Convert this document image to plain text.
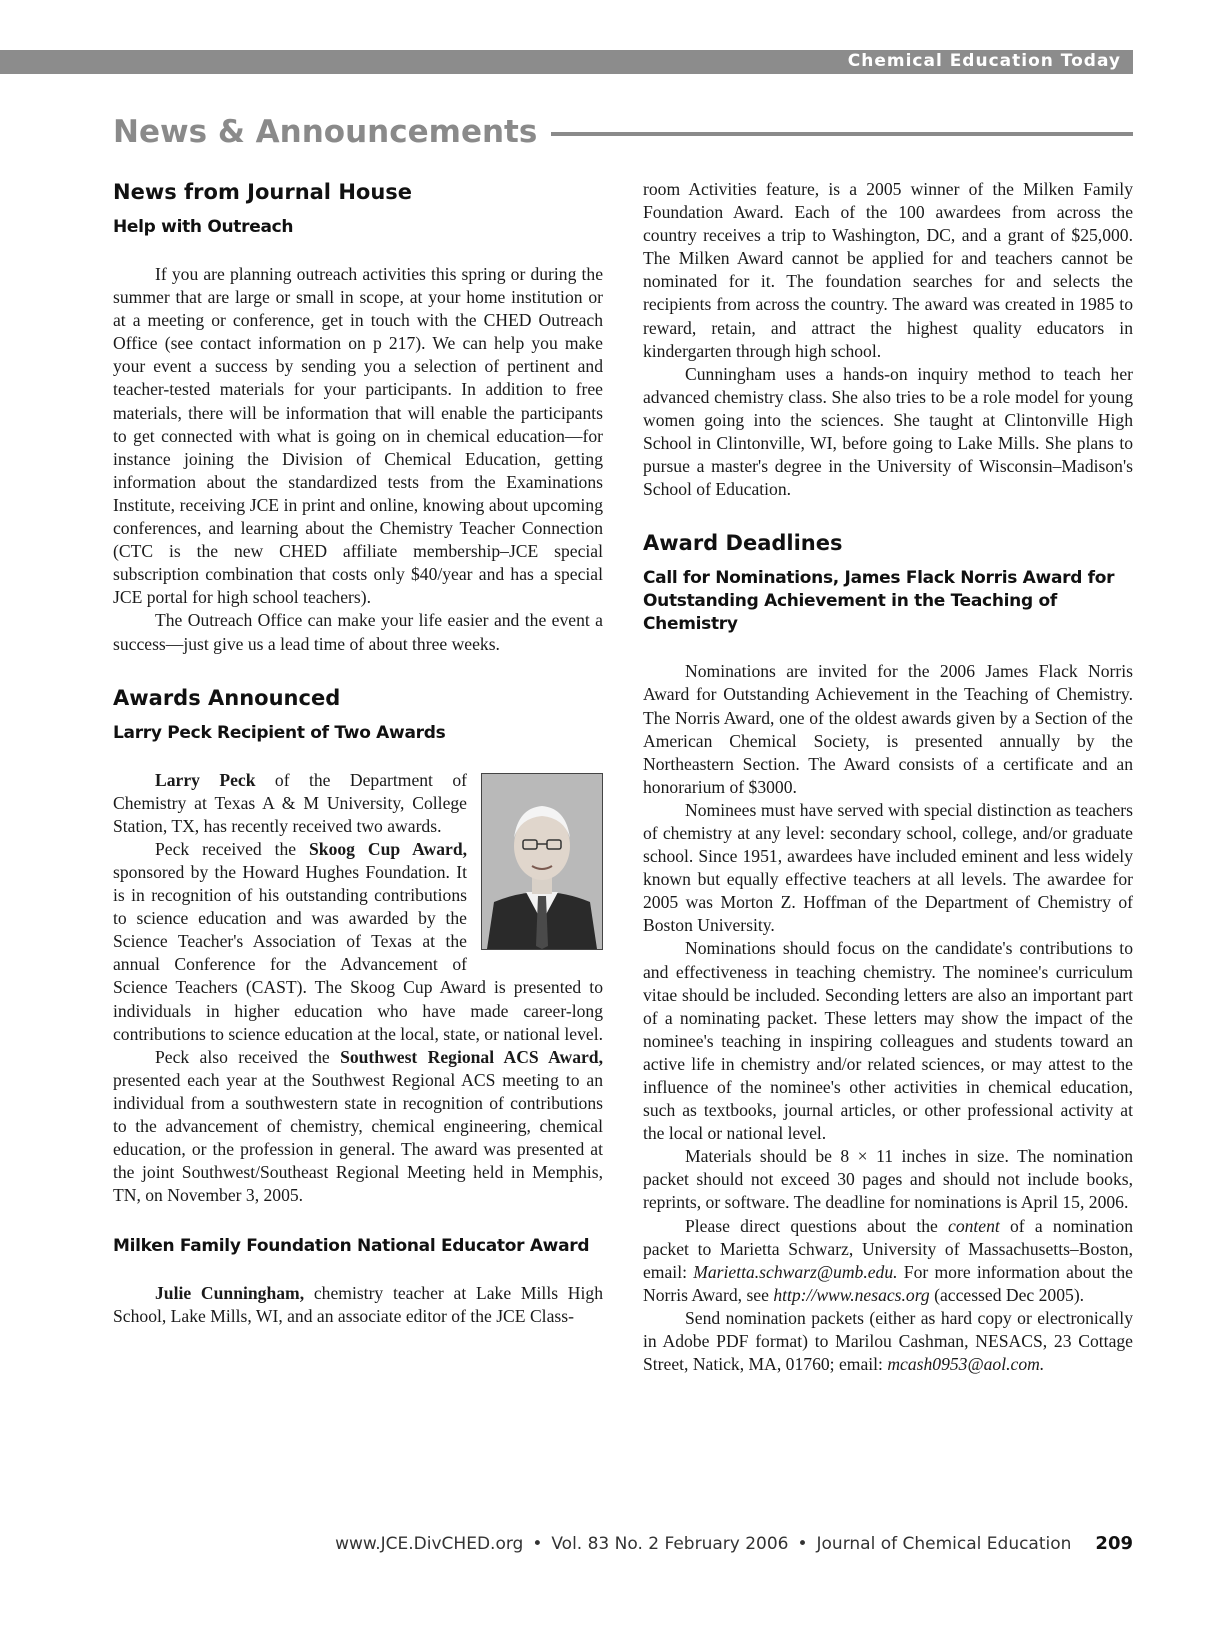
Chemical Education Today
News & Announcements
News from Journal House
Help with Outreach

If you are planning outreach activities this spring or during the summer that are large or small in scope, at your home institution or at a meeting or conference, get in touch with the CHED Outreach Office (see contact information on p 217). We can help you make your event a success by sending you a selection of pertinent and teacher-tested materials for your participants. In addition to free materials, there will be information that will enable the participants to get connected with what is going on in chemical education—for instance joining the Division of Chemical Education, getting information about the standardized tests from the Examinations Institute, receiving JCE in print and online, knowing about upcoming conferences, and learning about the Chemistry Teacher Connection (CTC is the new CHED affiliate membership–JCE special subscription combination that costs only $40/year and has a special JCE portal for high school teachers).

The Outreach Office can make your life easier and the event a success—just give us a lead time of about three weeks.

Awards Announced
Larry Peck Recipient of Two Awards

Larry Peck of the Department of Chemistry at Texas A & M University, College Station, TX, has recently received two awards.

Peck received the Skoog Cup Award, sponsored by the Howard Hughes Foundation. It is in recognition of his outstanding contributions to science education and was awarded by the Science Teacher's Association of Texas at the annual Conference for the Advancement of Science Teachers (CAST). The Skoog Cup Award is presented to individuals in higher education who have made career-long contributions to science education at the local, state, or national level.

Peck also received the Southwest Regional ACS Award, presented each year at the Southwest Regional ACS meeting to an individual from a southwestern state in recognition of contributions to the advancement of chemistry, chemical engineering, chemical education, or the profession in general. The award was presented at the joint Southwest/Southeast Regional Meeting held in Memphis, TN, on November 3, 2005.

Milken Family Foundation National Educator Award

Julie Cunningham, chemistry teacher at Lake Mills High School, Lake Mills, WI, and an associate editor of the JCE Class-

room Activities feature, is a 2005 winner of the Milken Family Foundation Award. Each of the 100 awardees from across the country receives a trip to Washington, DC, and a grant of $25,000. The Milken Award cannot be applied for and teachers cannot be nominated for it. The foundation searches for and selects the recipients from across the country. The award was created in 1985 to reward, retain, and attract the highest quality educators in kindergarten through high school.

Cunningham uses a hands-on inquiry method to teach her advanced chemistry class. She also tries to be a role model for young women going into the sciences. She taught at Clintonville High School in Clintonville, WI, before going to Lake Mills. She plans to pursue a master's degree in the University of Wisconsin–Madison's School of Education.

Award Deadlines
Call for Nominations, James Flack Norris Award for Outstanding Achievement in the Teaching of Chemistry

Nominations are invited for the 2006 James Flack Norris Award for Outstanding Achievement in the Teaching of Chemistry. The Norris Award, one of the oldest awards given by a Section of the American Chemical Society, is presented annually by the Northeastern Section. The Award consists of a certificate and an honorarium of $3000.

Nominees must have served with special distinction as teachers of chemistry at any level: secondary school, college, and/or graduate school. Since 1951, awardees have included eminent and less widely known but equally effective teachers at all levels. The awardee for 2005 was Morton Z. Hoffman of the Department of Chemistry of Boston University.

Nominations should focus on the candidate's contributions to and effectiveness in teaching chemistry. The nominee's curriculum vitae should be included. Seconding letters are also an important part of a nominating packet. These letters may show the impact of the nominee's teaching in inspiring colleagues and students toward an active life in chemistry and/or related sciences, or may attest to the influence of the nominee's other activities in chemical education, such as textbooks, journal articles, or other professional activity at the local or national level.

Materials should be 8 × 11 inches in size. The nomination packet should not exceed 30 pages and should not include books, reprints, or software. The deadline for nominations is April 15, 2006.

Please direct questions about the content of a nomination packet to Marietta Schwarz, University of Massachusetts–Boston, email: Marietta.schwarz@umb.edu. For more information about the Norris Award, see http://www.nesacs.org (accessed Dec 2005).

Send nomination packets (either as hard copy or electronically in Adobe PDF format) to Marilou Cashman, NESACS, 23 Cottage Street, Natick, MA, 01760; email: mcash0953@aol.com.

www.JCE.DivCHED.org • Vol. 83 No. 2 February 2006 • Journal of Chemical Education 209
